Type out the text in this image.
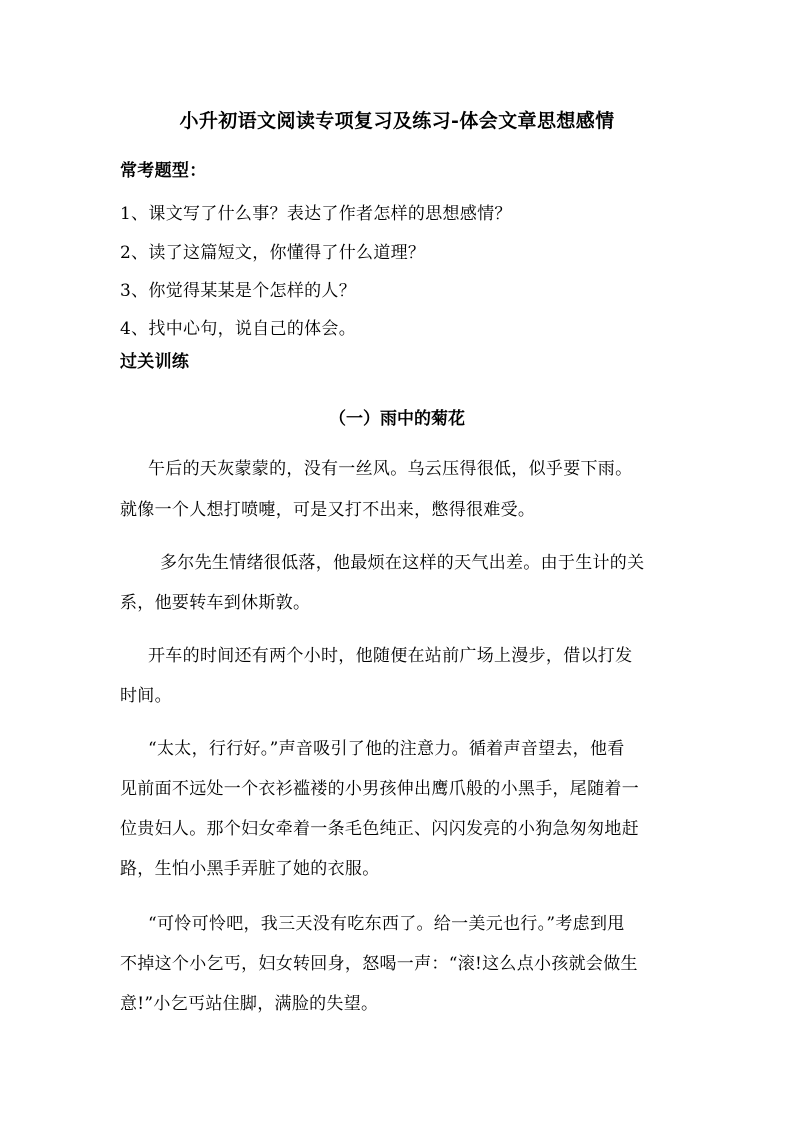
小升初语文阅读专项复习及练习-体会文章思想感情
常考题型：
1、课文写了什么事？表达了作者怎样的思想感情？
2、读了这篇短文，你懂得了什么道理？
3、你觉得某某是个怎样的人？
4、找中心句，说自己的体会。
过关训练
（一）雨中的菊花
午后的天灰蒙蒙的，没有一丝风。乌云压得很低，似乎要下雨。
就像一个人想打喷嚏，可是又打不出来，憋得很难受。
多尔先生情绪很低落，他最烦在这样的天气出差。由于生计的关
系，他要转车到休斯敦。
开车的时间还有两个小时，他随便在站前广场上漫步，借以打发
时间。
“太太，行行好。”声音吸引了他的注意力。循着声音望去，他看
见前面不远处一个衣衫褴褛的小男孩伸出鹰爪般的小黑手，尾随着一
位贵妇人。那个妇女牵着一条毛色纯正、闪闪发亮的小狗急匆匆地赶
路，生怕小黑手弄脏了她的衣服。
“可怜可怜吧，我三天没有吃东西了。给一美元也行。”考虑到甩
不掉这个小乞丐，妇女转回身，怒喝一声：“滚!这么点小孩就会做生
意!”小乞丐站住脚，满脸的失望。
